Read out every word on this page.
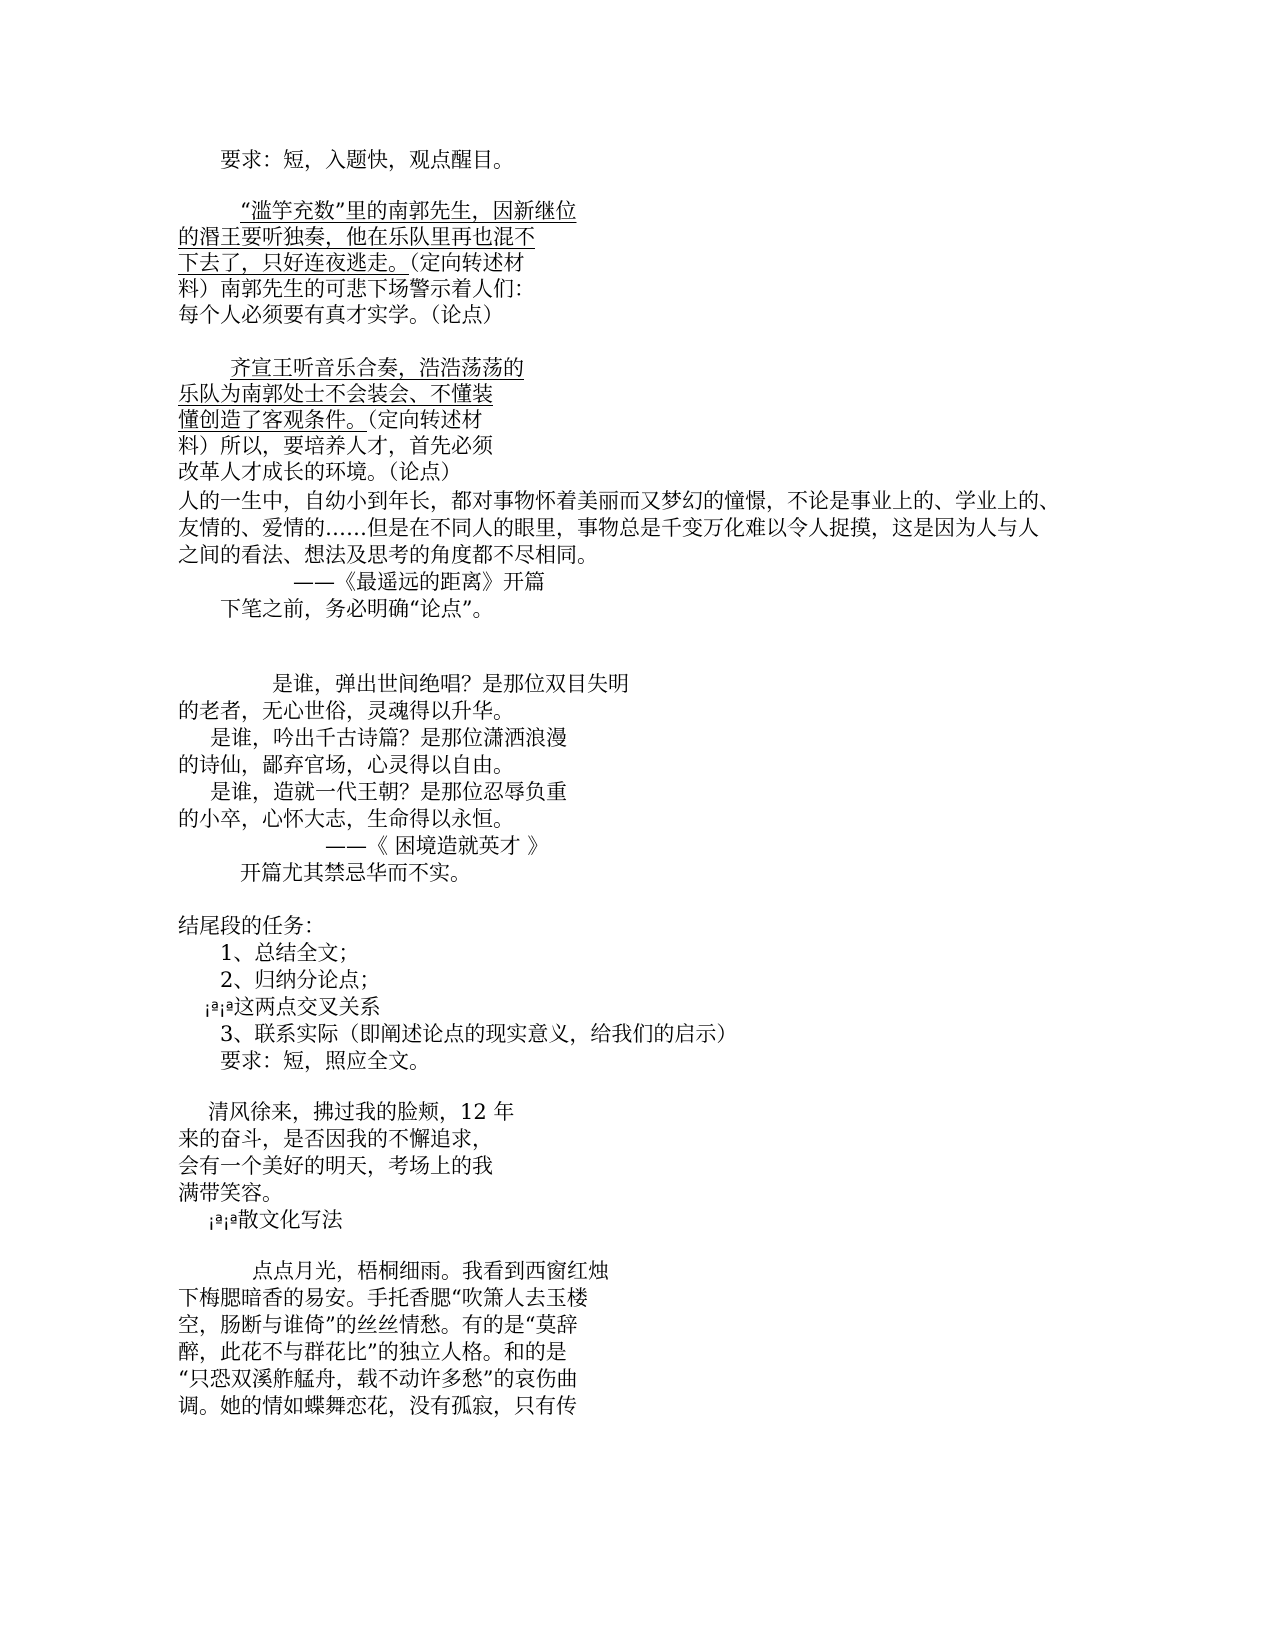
要求：短，入题快，观点醒目。
“滥竽充数”里的南郭先生，因新继位
的湣王要听独奏，他在乐队里再也混不
下去了，只好连夜逃走。（定向转述材
料）南郭先生的可悲下场警示着人们：
每个人必须要有真才实学。（论点）
齐宣王听音乐合奏，浩浩荡荡的
乐队为南郭处士不会装会、不懂装
懂创造了客观条件。（定向转述材
料）所以，要培养人才，首先必须
改革人才成长的环境。（论点）
人的一生中，自幼小到年长，都对事物怀着美丽而又梦幻的憧憬，不论是事业上的、学业上的、
友情的、爱情的……但是在不同人的眼里，事物总是千变万化难以令人捉摸，这是因为人与人
之间的看法、想法及思考的角度都不尽相同。
——《最遥远的距离》开篇
下笔之前，务必明确“论点”。
是谁，弹出世间绝唱？是那位双目失明
的老者，无心世俗，灵魂得以升华。
是谁，吟出千古诗篇？是那位潇洒浪漫
的诗仙，鄙弃官场，心灵得以自由。
是谁，造就一代王朝？是那位忍辱负重
的小卒，心怀大志，生命得以永恒。
——《 困境造就英才 》
开篇尤其禁忌华而不实。
结尾段的任务：
1、总结全文；
2、归纳分论点；
¡ª¡ª这两点交叉关系
3、联系实际（即阐述论点的现实意义，给我们的启示）
要求：短，照应全文。
清风徐来，拂过我的脸颊，12 年
来的奋斗，是否因我的不懈追求，
会有一个美好的明天，考场上的我
满带笑容。
¡ª¡ª散文化写法
点点月光，梧桐细雨。我看到西窗红烛
下梅腮暗香的易安。手托香腮“吹箫人去玉楼
空，肠断与谁倚”的丝丝情愁。有的是“莫辞
醉，此花不与群花比”的独立人格。和的是
“只恐双溪舴艋舟，载不动许多愁”的哀伤曲
调。她的情如蝶舞恋花，没有孤寂，只有传
